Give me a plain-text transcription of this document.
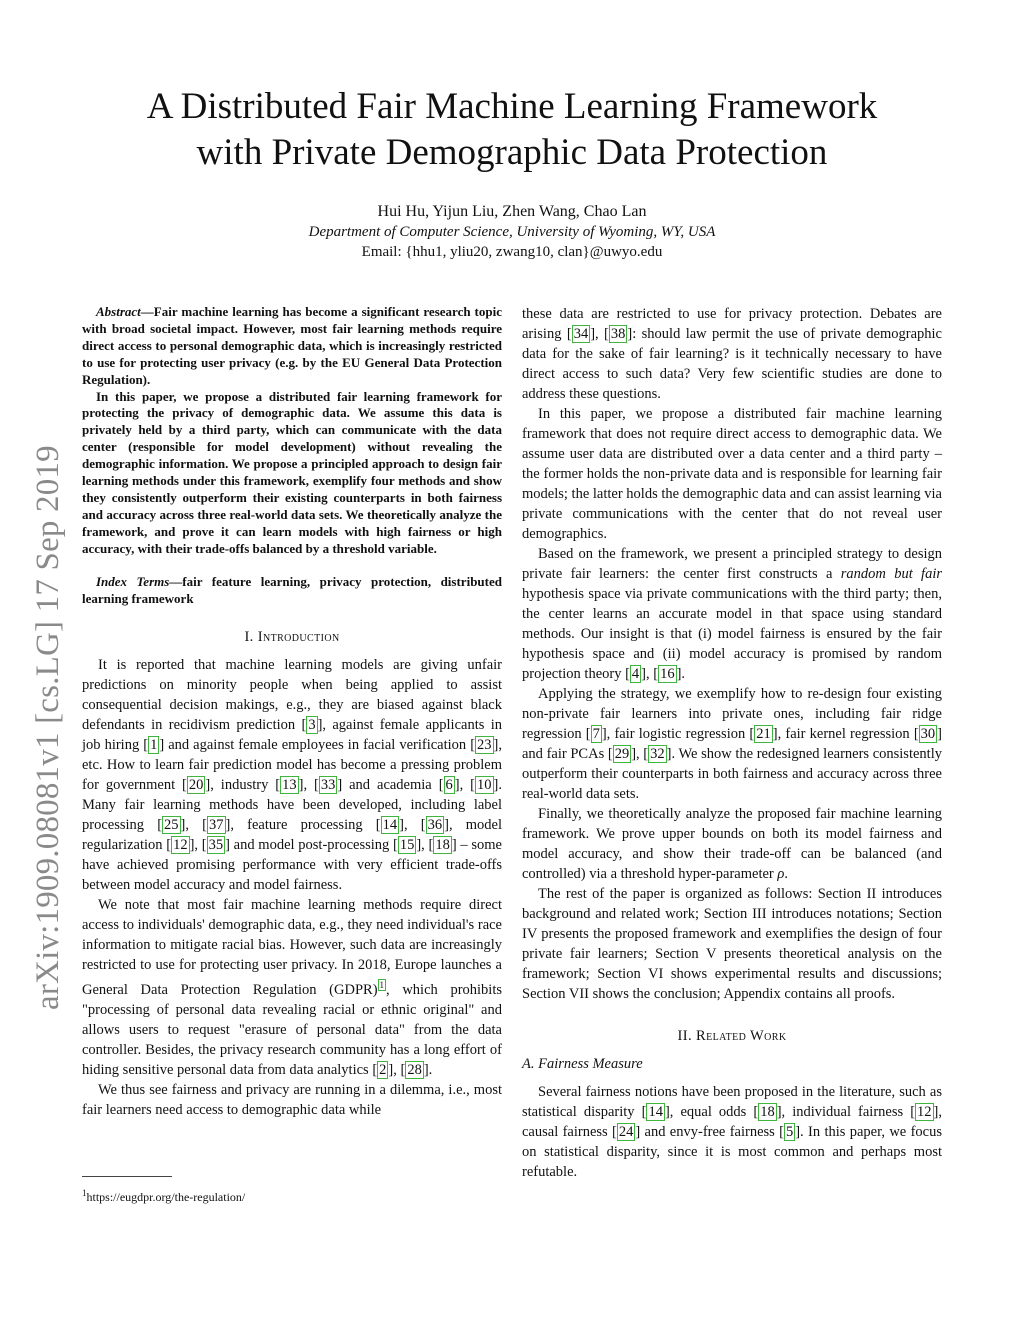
arXiv:1909.08081v1 [cs.LG] 17 Sep 2019
A Distributed Fair Machine Learning Framework
with Private Demographic Data Protection
Hui Hu, Yijun Liu, Zhen Wang, Chao Lan
Department of Computer Science, University of Wyoming, WY, USA
Email: {hhu1, yliu20, zwang10, clan}@uwyo.edu

Abstract—Fair machine learning has become a significant research topic with broad societal impact. However, most fair learning methods require direct access to personal demographic data, which is increasingly restricted to use for protecting user privacy (e.g. by the EU General Data Protection Regulation).

In this paper, we propose a distributed fair learning framework for protecting the privacy of demographic data. We assume this data is privately held by a third party, which can communicate with the data center (responsible for model development) without revealing the demographic information. We propose a principled approach to design fair learning methods under this framework, exemplify four methods and show they consistently outperform their existing counterparts in both fairness and accuracy across three real-world data sets. We theoretically analyze the framework, and prove it can learn models with high fairness or high accuracy, with their trade-offs balanced by a threshold variable.

Index Terms—fair feature learning, privacy protection, distributed learning framework
I. Introduction

It is reported that machine learning models are giving unfair predictions on minority people when being applied to assist consequential decision makings, e.g., they are biased against black defendants in recidivism prediction [ 3 ], against female applicants in job hiring [ 1 ] and against female employees in facial verification [ 23 ], etc. How to learn fair prediction model has become a pressing problem for government [ 20 ], industry [ 13 ], [ 33 ] and academia [ 6 ], [ 10 ]. Many fair learning methods have been developed, including label processing [ 25 ], [ 37 ], feature processing [ 14 ], [ 36 ], model regularization [ 12 ], [ 35 ] and model post-processing [ 15 ], [ 18 ] – some have achieved promising performance with very efficient trade-offs between model accuracy and model fairness.

We note that most fair machine learning methods require direct access to individuals' demographic data, e.g., they need individual's race information to mitigate racial bias. However, such data are increasingly restricted to use for protecting user privacy. In 2018, Europe launches a General Data Protection Regulation (GDPR) $^1$ , which prohibits "processing of personal data revealing racial or ethnic original" and allows users to request "erasure of personal data" from the data controller. Besides, the privacy research community has a long effort of hiding sensitive personal data from data analytics [ 2 ], [ 28 ].

We thus see fairness and privacy are running in a dilemma, i.e., most fair learners need access to demographic data while

$^1$https://eugdpr.org/the-regulation/

these data are restricted to use for privacy protection. Debates are arising [ 34 ], [ 38 ]: should law permit the use of private demographic data for the sake of fair learning? is it technically necessary to have direct access to such data? Very few scientific studies are done to address these questions.

In this paper, we propose a distributed fair machine learning framework that does not require direct access to demographic data. We assume user data are distributed over a data center and a third party – the former holds the non-private data and is responsible for learning fair models; the latter holds the demographic data and can assist learning via private communications with the center that do not reveal user demographics.

Based on the framework, we present a principled strategy to design private fair learners: the center first constructs a random but fair hypothesis space via private communications with the third party; then, the center learns an accurate model in that space using standard methods. Our insight is that (i) model fairness is ensured by the fair hypothesis space and (ii) model accuracy is promised by random projection theory [ 4 ], [ 16 ].

Applying the strategy, we exemplify how to re-design four existing non-private fair learners into private ones, including fair ridge regression [ 7 ], fair logistic regression [ 21 ], fair kernel regression [ 30 ] and fair PCAs [ 29 ], [ 32 ]. We show the redesigned learners consistently outperform their counterparts in both fairness and accuracy across three real-world data sets.

Finally, we theoretically analyze the proposed fair machine learning framework. We prove upper bounds on both its model fairness and model accuracy, and show their trade-off can be balanced (and controlled) via a threshold hyper-parameter ρ.

The rest of the paper is organized as follows: Section II introduces background and related work; Section III introduces notations; Section IV presents the proposed framework and exemplifies the design of four private fair learners; Section V presents theoretical analysis on the framework; Section VI shows experimental results and discussions; Section VII shows the conclusion; Appendix contains all proofs.

II. Related Work
A. Fairness Measure

Several fairness notions have been proposed in the literature, such as statistical disparity [ 14 ], equal odds [ 18 ], individual fairness [ 12 ], causal fairness [ 24 ] and envy-free fairness [ 5 ]. In this paper, we focus on statistical disparity, since it is most common and perhaps most refutable.
